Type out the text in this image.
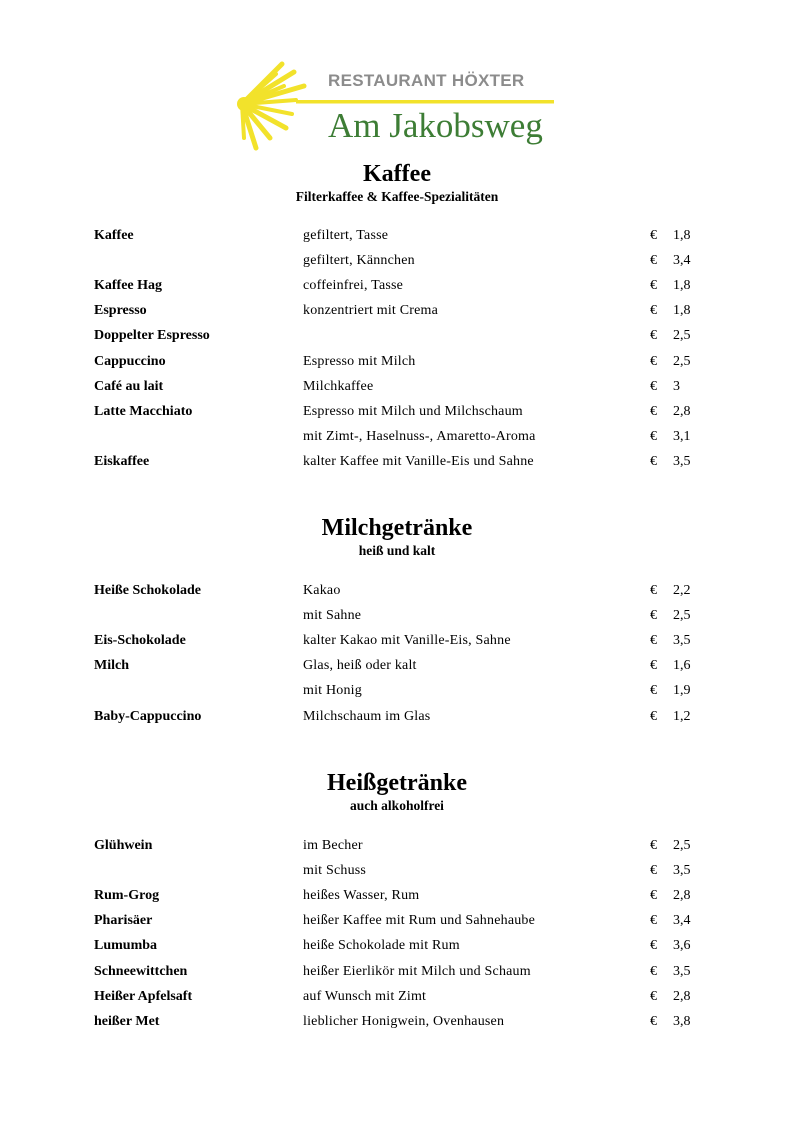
RESTAURANT HÖXTER
Am Jakobsweg
Kaffee
Filterkaffee & Kaffee-Spezialitäten
Kaffee	gefiltert, Tasse	€ 1,8
gefiltert, Kännchen	€ 3,4
Kaffee Hag	coffeinfrei, Tasse	€ 1,8
Espresso	konzentriert mit Crema	€ 1,8
Doppelter Espresso	€ 2,5
Cappuccino	Espresso mit Milch	€ 2,5
Café au lait	Milchkaffee	€ 3
Latte Macchiato	Espresso mit Milch und Milchschaum	€ 2,8
mit Zimt-, Haselnuss-, Amaretto-Aroma	€ 3,1
Eiskaffee	kalter Kaffee mit Vanille-Eis und Sahne	€ 3,5
Milchgetränke
heiß und kalt
Heiße Schokolade	Kakao	€ 2,2
mit Sahne	€ 2,5
Eis-Schokolade	kalter Kakao mit Vanille-Eis, Sahne	€ 3,5
Milch	Glas, heiß oder kalt	€ 1,6
mit Honig	€ 1,9
Baby-Cappuccino	Milchschaum im Glas	€ 1,2
Heißgetränke
auch alkoholfrei
Glühwein	im Becher	€ 2,5
mit Schuss	€ 3,5
Rum-Grog	heißes Wasser, Rum	€ 2,8
Pharisäer	heißer Kaffee mit Rum und Sahnehaube	€ 3,4
Lumumba	heiße Schokolade mit Rum	€ 3,6
Schneewittchen	heißer Eierlikör mit Milch und Schaum	€ 3,5
Heißer Apfelsaft	auf Wunsch mit Zimt	€ 2,8
heißer Met	lieblicher Honigwein, Ovenhausen	€ 3,8
